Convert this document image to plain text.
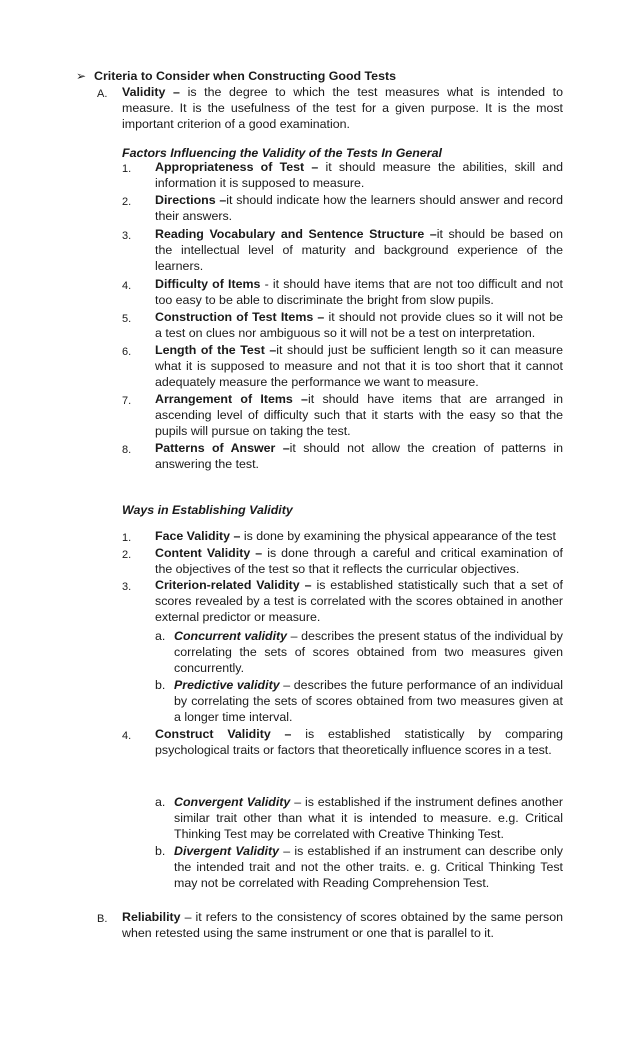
➢ Criteria to Consider when Constructing Good Tests
A. Validity – is the degree to which the test measures what is intended to measure. It is the usefulness of the test for a given purpose. It is the most important criterion of a good examination.
Factors Influencing the Validity of the Tests In General
1. Appropriateness of Test – it should measure the abilities, skill and information it is supposed to measure.
2. Directions –it should indicate how the learners should answer and record their answers.
3. Reading Vocabulary and Sentence Structure –it should be based on the intellectual level of maturity and background experience of the learners.
4. Difficulty of Items - it should have items that are not too difficult and not too easy to be able to discriminate the bright from slow pupils.
5. Construction of Test Items – it should not provide clues so it will not be a test on clues nor ambiguous so it will not be a test on interpretation.
6. Length of the Test –it should just be sufficient length so it can measure what it is supposed to measure and not that it is too short that it cannot adequately measure the performance we want to measure.
7. Arrangement of Items –it should have items that are arranged in ascending level of difficulty such that it starts with the easy so that the pupils will pursue on taking the test.
8. Patterns of Answer –it should not allow the creation of patterns in answering the test.
Ways in Establishing Validity
1. Face Validity – is done by examining the physical appearance of the test
2. Content Validity – is done through a careful and critical examination of the objectives of the test so that it reflects the curricular objectives.
3. Criterion-related Validity – is established statistically such that a set of scores revealed by a test is correlated with the scores obtained in another external predictor or measure.
a. Concurrent validity – describes the present status of the individual by correlating the sets of scores obtained from two measures given concurrently.
b. Predictive validity – describes the future performance of an individual by correlating the sets of scores obtained from two measures given at a longer time interval.
4. Construct Validity – is established statistically by comparing psychological traits or factors that theoretically influence scores in a test.
a. Convergent Validity – is established if the instrument defines another similar trait other than what it is intended to measure. e.g. Critical Thinking Test may be correlated with Creative Thinking Test.
b. Divergent Validity – is established if an instrument can describe only the intended trait and not the other traits. e. g. Critical Thinking Test may not be correlated with Reading Comprehension Test.
B. Reliability – it refers to the consistency of scores obtained by the same person when retested using the same instrument or one that is parallel to it.
